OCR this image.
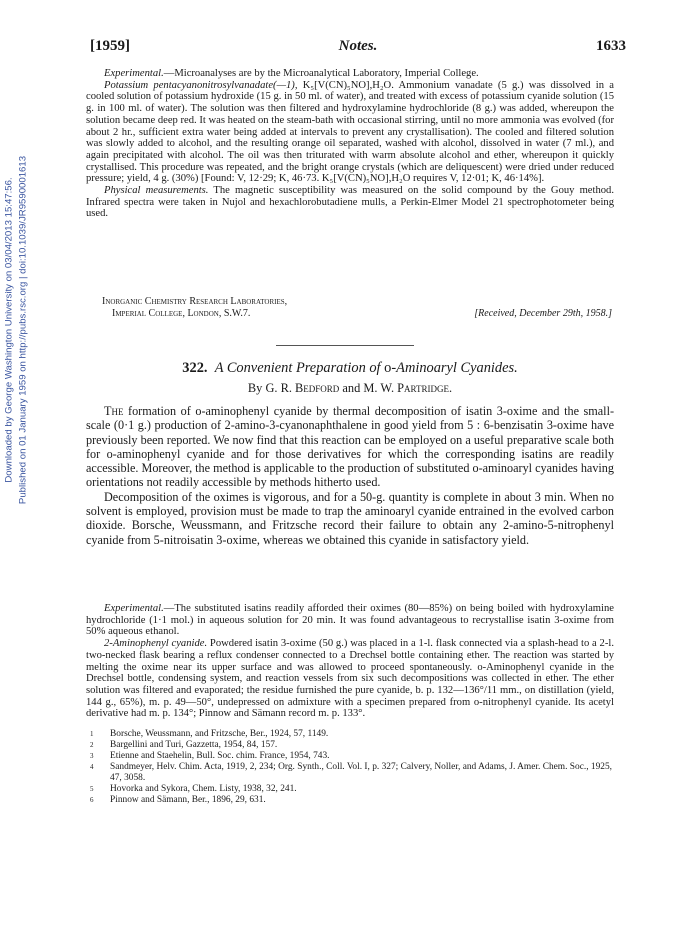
Downloaded by George Washington University on 03/04/2013 15:47:56. Published on 01 January 1959 on http://pubs.rsc.org | doi:10.1039/JR9590001613
[1959]	Notes.	1633

Experimental.—Microanalyses are by the Microanalytical Laboratory, Imperial College.

Potassium pentacyanonitrosylvanadate(—1), K₅[V(CN)₅NO],H₂O. Ammonium vanadate (5 g.) was dissolved in a cooled solution of potassium hydroxide (15 g. in 50 ml. of water), and treated with excess of potassium cyanide solution (15 g. in 100 ml. of water). The solution was then filtered and hydroxylamine hydrochloride (8 g.) was added, whereupon the solution became deep red. It was heated on the steam-bath with occasional stirring, until no more ammonia was evolved (for about 2 hr., sufficient extra water being added at intervals to prevent any crystallisation). The cooled and filtered solution was slowly added to alcohol, and the resulting orange oil separated, washed with alcohol, dissolved in water (7 ml.), and again precipitated with alcohol. The oil was then triturated with warm absolute alcohol and ether, whereupon it quickly crystallised. This procedure was repeated, and the bright orange crystals (which are deliquescent) were dried under reduced pressure; yield, 4 g. (30%) [Found: V, 12·29; K, 46·73. K₅[V(CN)₅NO],H₂O requires V, 12·01; K, 46·14%].

Physical measurements. The magnetic susceptibility was measured on the solid compound by the Gouy method. Infrared spectra were taken in Nujol and hexachlorobutadiene mulls, a Perkin-Elmer Model 21 spectrophotometer being used.

Inorganic Chemistry Research Laboratories,
Imperial College, London, S.W.7.	[Received, December 29th, 1958.]
322. A Convenient Preparation of o-Aminoaryl Cyanides.
By G. R. Bedford and M. W. Partridge.

The formation of o-aminophenyl cyanide by thermal decomposition of isatin 3-oxime and the small-scale (0·1 g.) production of 2-amino-3-cyanonaphthalene in good yield from 5 : 6-benzisatin 3-oxime have previously been reported. We now find that this reaction can be employed on a useful preparative scale both for o-aminophenyl cyanide and for those derivatives for which the corresponding isatins are readily accessible. Moreover, the method is applicable to the production of substituted o-aminoaryl cyanides having orientations not readily accessible by methods hitherto used.

Decomposition of the oximes is vigorous, and for a 50-g. quantity is complete in about 3 min. When no solvent is employed, provision must be made to trap the aminoaryl cyanide entrained in the evolved carbon dioxide. Borsche, Weussmann, and Fritzsche record their failure to obtain any 2-amino-5-nitrophenyl cyanide from 5-nitroisatin 3-oxime, whereas we obtained this cyanide in satisfactory yield.

Experimental.—The substituted isatins readily afforded their oximes (80—85%) on being boiled with hydroxylamine hydrochloride (1·1 mol.) in aqueous solution for 20 min. It was found advantageous to recrystallise isatin 3-oxime from 50% aqueous ethanol.

2-Aminophenyl cyanide. Powdered isatin 3-oxime (50 g.) was placed in a 1-l. flask connected via a splash-head to a 2-l. two-necked flask bearing a reflux condenser connected to a Drechsel bottle containing ether. The reaction was started by melting the oxime near its upper surface and was allowed to proceed spontaneously. o-Aminophenyl cyanide in the Drechsel bottle, condensing system, and reaction vessels from six such decompositions was collected in ether. The ether solution was filtered and evaporated; the residue furnished the pure cyanide, b. p. 132—136°/11 mm., on distillation (yield, 144 g., 65%), m. p. 49—50°, undepressed on admixture with a specimen prepared from o-nitrophenyl cyanide. Its acetyl derivative had m. p. 134°; Pinnow and Sämann record m. p. 133°.

1 Borsche, Weussmann, and Fritzsche, Ber., 1924, 57, 1149.
2 Bargellini and Turi, Gazzetta, 1954, 84, 157.
3 Etienne and Staehelin, Bull. Soc. chim. France, 1954, 743.
4 Sandmeyer, Helv. Chim. Acta, 1919, 2, 234; Org. Synth., Coll. Vol. I, p. 327; Calvery, Noller, and Adams, J. Amer. Chem. Soc., 1925, 47, 3058.
5 Hovorka and Sykora, Chem. Listy, 1938, 32, 241.
6 Pinnow and Sämann, Ber., 1896, 29, 631.
